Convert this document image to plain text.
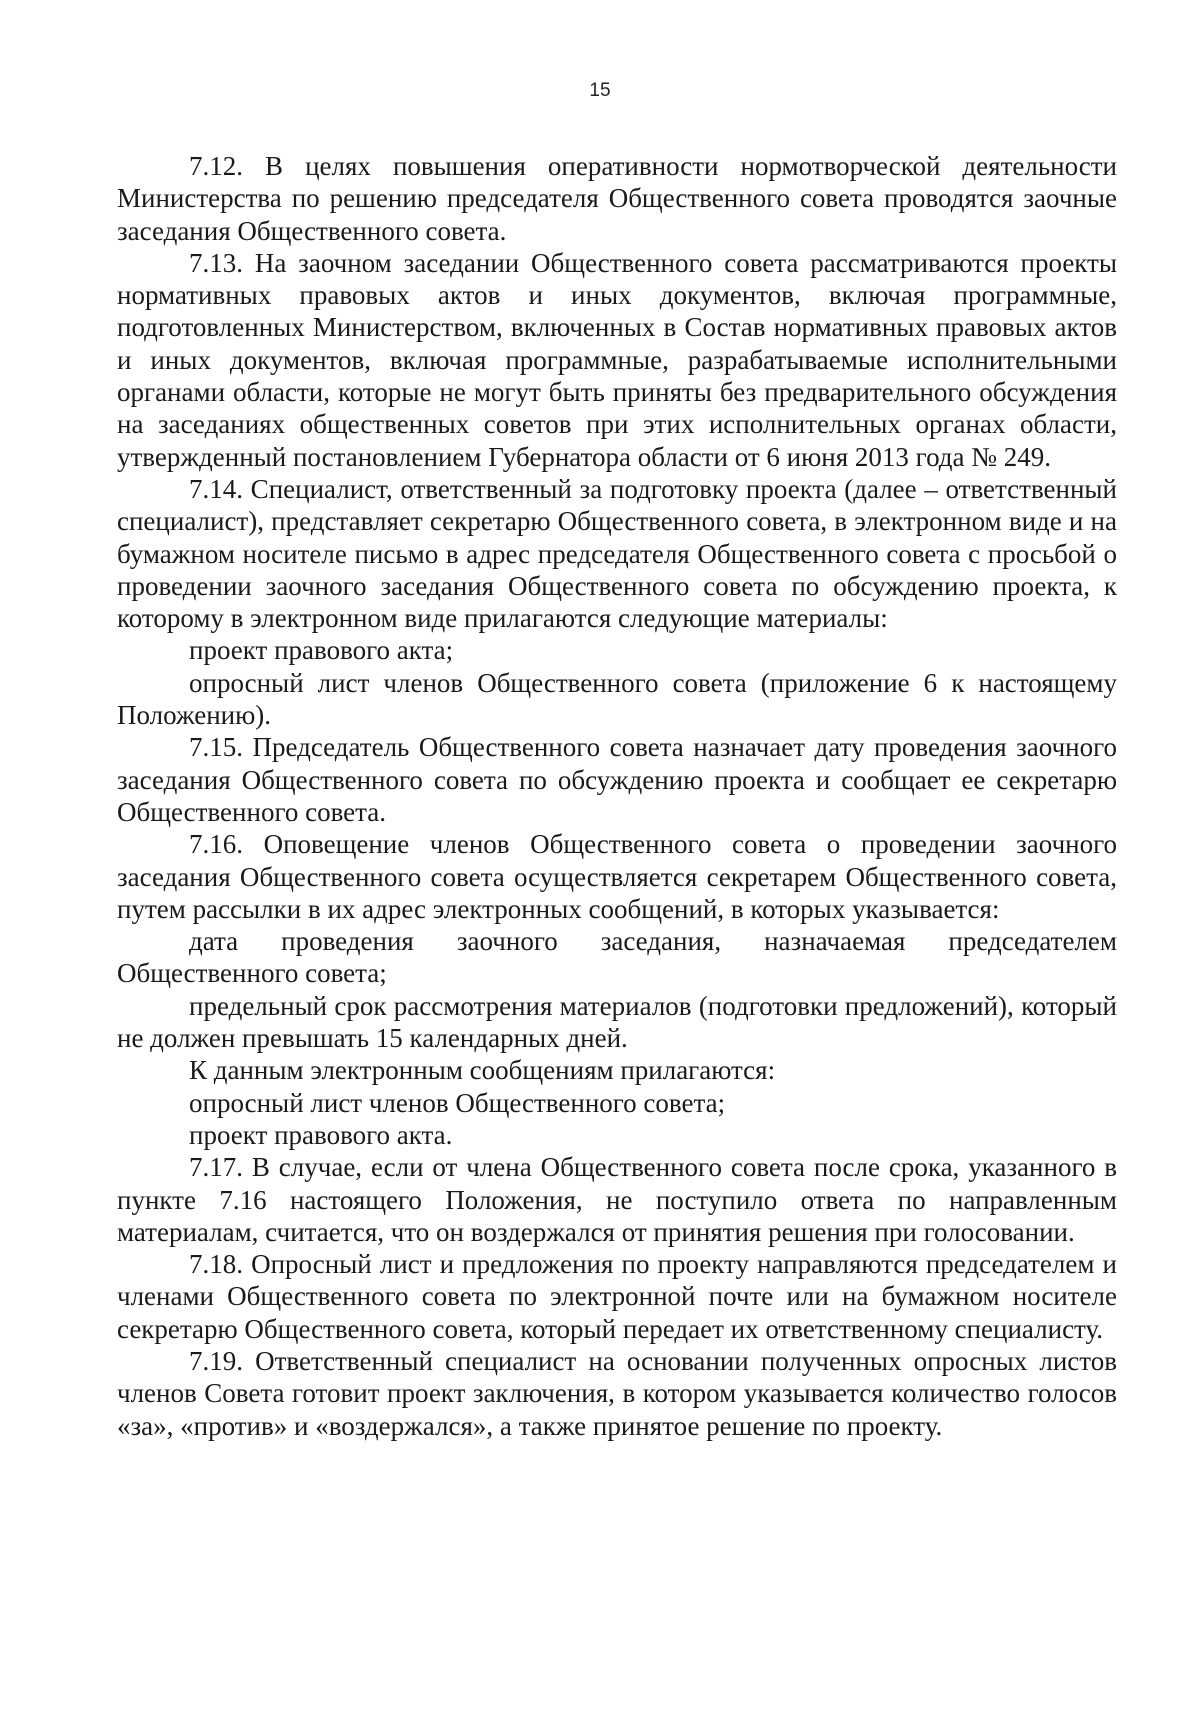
15

7.12. В целях повышения оперативности нормотворческой деятельности Министерства по решению председателя Общественного совета проводятся заочные заседания Общественного совета.

7.13. На заочном заседании Общественного совета рассматриваются проекты нормативных правовых актов и иных документов, включая программные, подготовленных Министерством, включенных в Состав нормативных правовых актов и иных документов, включая программные, разрабатываемые исполнительными органами области, которые не могут быть приняты без предварительного обсуждения на заседаниях общественных советов при этих исполнительных органах области, утвержденный постановлением Губернатора области от 6 июня 2013 года № 249.

7.14. Специалист, ответственный за подготовку проекта (далее – ответственный специалист), представляет секретарю Общественного совета, в электронном виде и на бумажном носителе письмо в адрес председателя Общественного совета с просьбой о проведении заочного заседания Общественного совета по обсуждению проекта, к которому в электронном виде прилагаются следующие материалы:

проект правового акта;

опросный лист членов Общественного совета (приложение 6 к настоящему Положению).

7.15. Председатель Общественного совета назначает дату проведения заочного заседания Общественного совета по обсуждению проекта и сообщает ее секретарю Общественного совета.

7.16. Оповещение членов Общественного совета о проведении заочного заседания Общественного совета осуществляется секретарем Общественного совета, путем рассылки в их адрес электронных сообщений, в которых указывается:

дата проведения заочного заседания, назначаемая председателем Общественного совета;

предельный срок рассмотрения материалов (подготовки предложений), который не должен превышать 15 календарных дней.

К данным электронным сообщениям прилагаются:

опросный лист членов Общественного совета;

проект правового акта.

7.17. В случае, если от члена Общественного совета после срока, указанного в пункте 7.16 настоящего Положения, не поступило ответа по направленным материалам, считается, что он воздержался от принятия решения при голосовании.

7.18. Опросный лист и предложения по проекту направляются председателем и членами Общественного совета по электронной почте или на бумажном носителе секретарю Общественного совета, который передает их ответственному специалисту.

7.19. Ответственный специалист на основании полученных опросных листов членов Совета готовит проект заключения, в котором указывается количество голосов «за», «против» и «воздержался», а также принятое решение по проекту.
